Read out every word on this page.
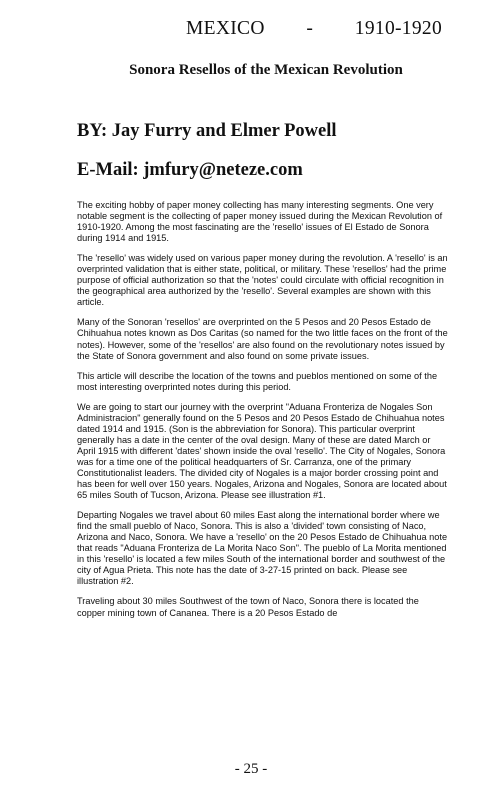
MEXICO - 1910-1920
Sonora Resellos of the Mexican Revolution
BY: Jay Furry and Elmer Powell
E-Mail: jmfury@neteze.com

The exciting hobby of paper money collecting has many interesting segments. One very notable segment is the collecting of paper money issued during the Mexican Revolution of 1910-1920. Among the most fascinating are the 'resello' issues of El Estado de Sonora during 1914 and 1915.

The 'resello' was widely used on various paper money during the revolution. A 'resello' is an overprinted validation that is either state, political, or military. These 'resellos' had the prime purpose of official authorization so that the 'notes' could circulate with official recognition in the geographical area authorized by the 'resello'. Several examples are shown with this article.

Many of the Sonoran 'resellos' are overprinted on the 5 Pesos and 20 Pesos Estado de Chihuahua notes known as Dos Caritas (so named for the two little faces on the front of the notes). However, some of the 'resellos' are also found on the revolutionary notes issued by the State of Sonora government and also found on some private issues.

This article will describe the location of the towns and pueblos mentioned on some of the most interesting overprinted notes during this period.

We are going to start our journey with the overprint "Aduana Fronteriza de Nogales Son Administracion" generally found on the 5 Pesos and 20 Pesos Estado de Chihuahua notes dated 1914 and 1915. (Son is the abbreviation for Sonora). This particular overprint generally has a date in the center of the oval design. Many of these are dated March or April 1915 with different 'dates' shown inside the oval 'resello'. The City of Nogales, Sonora was for a time one of the political headquarters of Sr. Carranza, one of the primary Constitutionalist leaders. The divided city of Nogales is a major border crossing point and has been for well over 150 years. Nogales, Arizona and Nogales, Sonora are located about 65 miles South of Tucson, Arizona. Please see illustration #1.

Departing Nogales we travel about 60 miles East along the international border where we find the small pueblo of Naco, Sonora. This is also a 'divided' town consisting of Naco, Arizona and Naco, Sonora. We have a 'resello' on the 20 Pesos Estado de Chihuahua note that reads "Aduana Fronteriza de La Morita Naco Son". The pueblo of La Morita mentioned in this 'resello' is located a few miles South of the international border and southwest of the city of Agua Prieta. This note has the date of 3-27-15 printed on back. Please see illustration #2.

Traveling about 30 miles Southwest of the town of Naco, Sonora there is located the copper mining town of Cananea. There is a 20 Pesos Estado de

- 25 -
